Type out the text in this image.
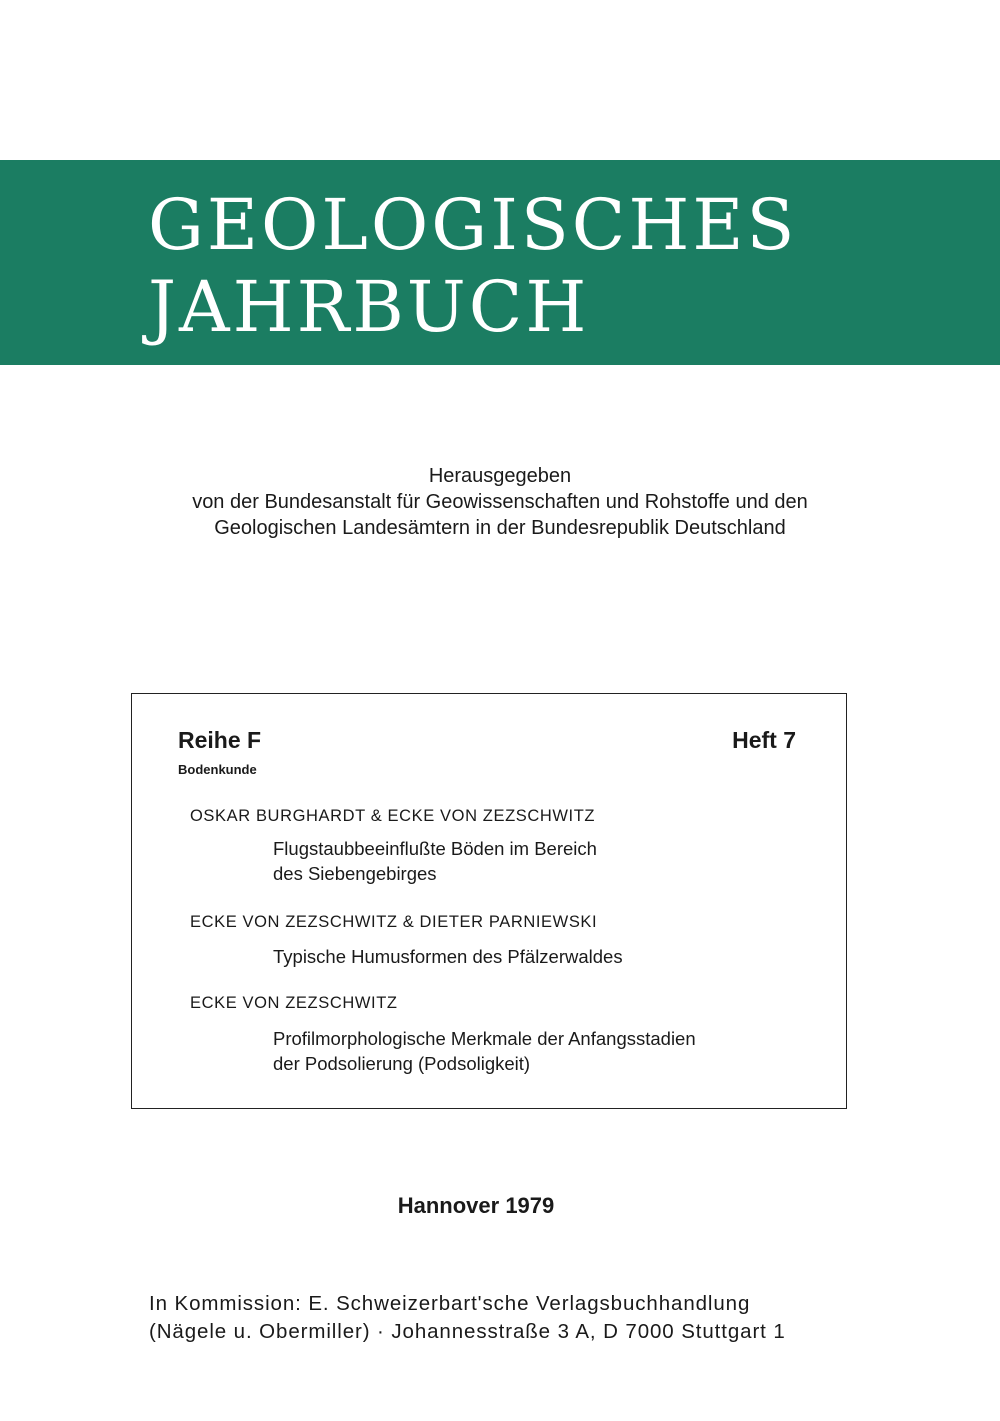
GEOLOGISCHES
JAHRBUCH
Herausgegeben
von der Bundesanstalt für Geowissenschaften und Rohstoffe und den
Geologischen Landesämtern in der Bundesrepublik Deutschland
Reihe F	Heft 7
Bodenkunde
OSKAR BURGHARDT & ECKE VON ZEZSCHWITZ
Flugstaubbeeinflußte Böden im Bereich
des Siebengebirges
ECKE VON ZEZSCHWITZ & DIETER PARNIEWSKI
Typische Humusformen des Pfälzerwaldes
ECKE VON ZEZSCHWITZ
Profilmorphologische Merkmale der Anfangsstadien
der Podsolierung (Podsoligkeit)
Hannover 1979
In Kommission: E. Schweizerbart'sche Verlagsbuchhandlung
(Nägele u. Obermiller) · Johannesstraße 3 A, D 7000 Stuttgart 1
